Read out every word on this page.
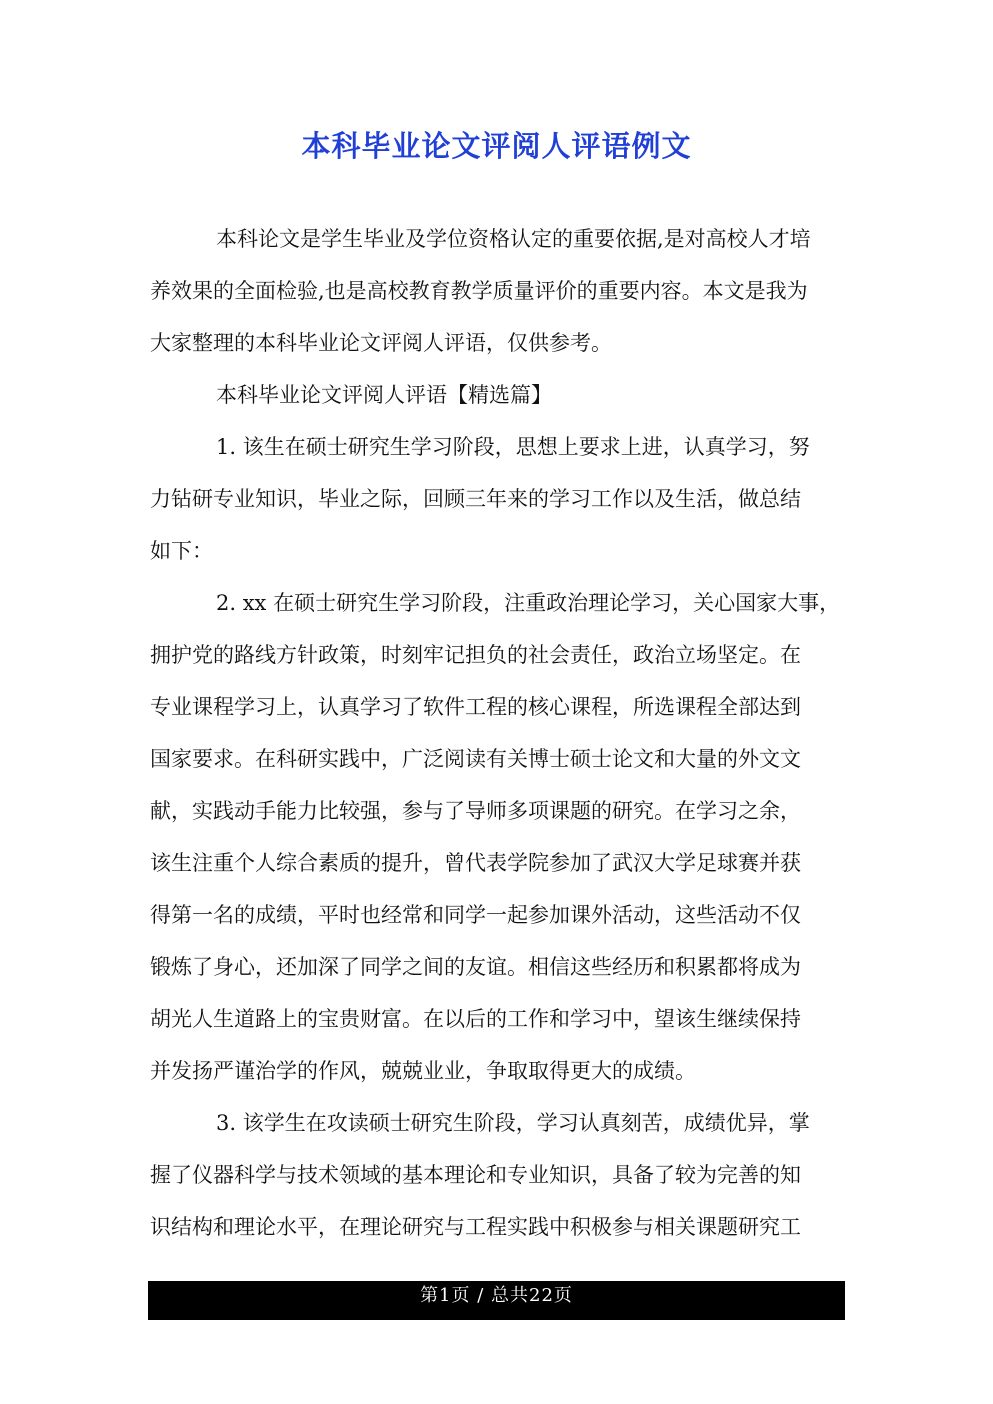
本科毕业论文评阅人评语例文
本科论文是学生毕业及学位资格认定的重要依据,是对高校人才培
养效果的全面检验,也是高校教育教学质量评价的重要内容。本文是我为
大家整理的本科毕业论文评阅人评语，仅供参考。
本科毕业论文评阅人评语【精选篇】
1. 该生在硕士研究生学习阶段，思想上要求上进，认真学习，努
力钻研专业知识，毕业之际，回顾三年来的学习工作以及生活，做总结
如下：
2. xx 在硕士研究生学习阶段，注重政治理论学习，关心国家大事，
拥护党的路线方针政策，时刻牢记担负的社会责任，政治立场坚定。在
专业课程学习上，认真学习了软件工程的核心课程，所选课程全部达到
国家要求。在科研实践中，广泛阅读有关博士硕士论文和大量的外文文
献，实践动手能力比较强，参与了导师多项课题的研究。在学习之余，
该生注重个人综合素质的提升，曾代表学院参加了武汉大学足球赛并获
得第一名的成绩，平时也经常和同学一起参加课外活动，这些活动不仅
锻炼了身心，还加深了同学之间的友谊。相信这些经历和积累都将成为
胡光人生道路上的宝贵财富。在以后的工作和学习中，望该生继续保持
并发扬严谨治学的作风，兢兢业业，争取取得更大的成绩。
3. 该学生在攻读硕士研究生阶段，学习认真刻苦，成绩优异，掌
握了仪器科学与技术领域的基本理论和专业知识，具备了较为完善的知
识结构和理论水平，在理论研究与工程实践中积极参与相关课题研究工
第1页 / 总共22页
